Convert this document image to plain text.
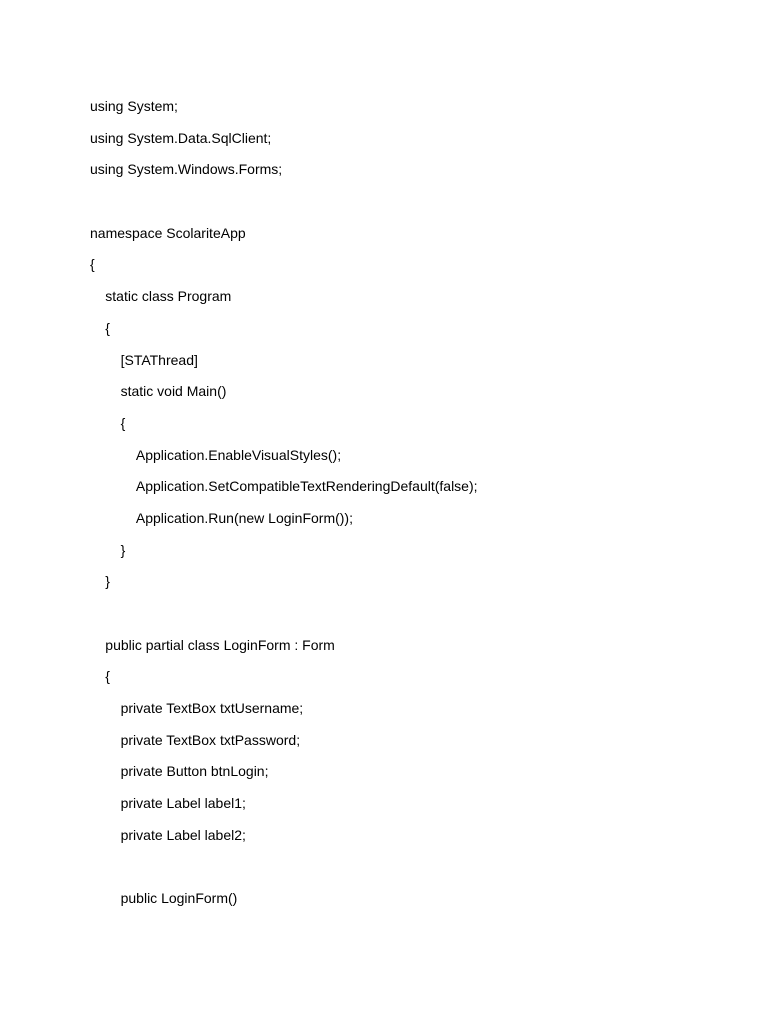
using System;
using System.Data.SqlClient;
using System.Windows.Forms;
namespace ScolariteApp
{
static class Program
{
[STAThread]
static void Main()
{
Application.EnableVisualStyles();
Application.SetCompatibleTextRenderingDefault(false);
Application.Run(new LoginForm());
}
}
public partial class LoginForm : Form
{
private TextBox txtUsername;
private TextBox txtPassword;
private Button btnLogin;
private Label label1;
private Label label2;
public LoginForm()
